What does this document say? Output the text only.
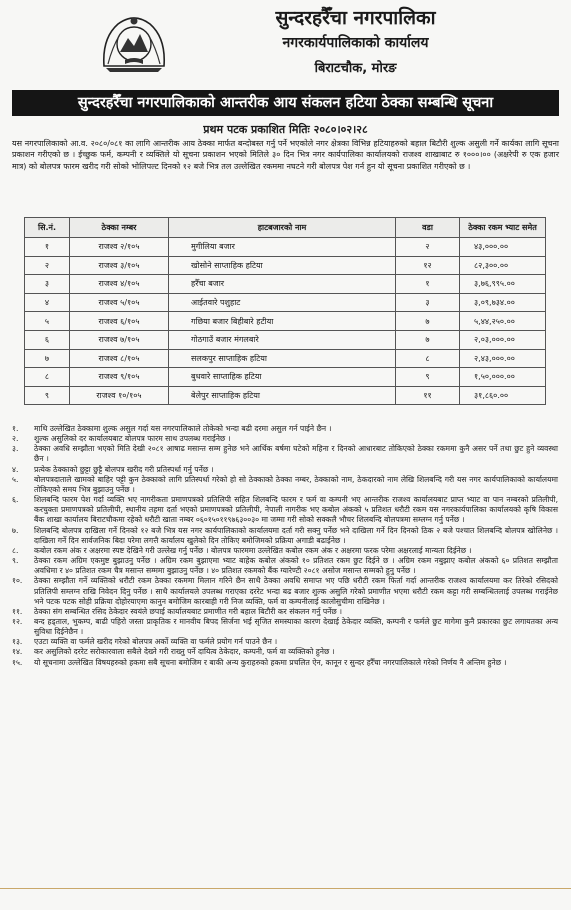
सुन्दरहरैँचा नगरपालिका
नगरकार्यपालिकाको कार्यालय
बिराटचौक, मोरङ
सुन्दरहरैँचा नगरपालिकाको आन्तरीक आय संकलन हटिया ठेक्का सम्बन्धि सूचना
प्रथम पटक प्रकाशित मितिः २०८०।०२।२८
यस नगरपालिकाको आ.व. २०८०/०८१ का लागि आन्तरीक आय ठेक्का मार्फत बन्दोबस्त गर्नु पर्ने भएकोले नगर क्षेत्रका विभिन्न हटियाहरुको बहाल बिटौरी शुल्क असुली गर्ने कार्यका लागि सूचना प्रकाशन गरीएको छ । ईच्छुक फर्म, कम्पनी र व्यक्तिले यो सूचना प्रकाशन भएको मितिले ३० दिन भित्र नगर कार्यपालिका कार्यालयको राजश्व शाखाबाट रु १०००।०० (अक्षरेपी रु एक हजार मात्र) को बोलपत्र फारम खरीद गरी सोको भोलिपल्ट दिनको १२ बजे भित्र तल उल्लेखित रकममा नघटने गरी बोलपत्र पेश गर्न हुन यो सूचना प्रकाशित गरीएको छ ।
सि.नं.	ठेक्का नम्बर	हाटबजारको नाम	वडा	ठेक्का रकम भ्याट समेत
१	राजश्व २/१०५	मुगीलिया बजार	२	४३,०००.००
२	राजश्व ३/१०५	खोसोने साप्ताहिक हटिया	१२	८२,३००.००
३	राजश्व ४/१०५	हरैँचा बजार	१	३,७६,९९५.००
४	राजश्व ५/१०५	आईतवारे पशुहाट	३	३,०९,७३४.००
५	राजश्व ६/१०५	गछिया बजार बिहीबारे हटीया	७	५,४४,२५०.००
६	राजश्व ७/१०५	गोठगाउँ बजार मंगलबारे	७	२,०३,०००.००
७	राजश्व ८/१०५	सलकपुर साप्ताहिक हटिया	८	२,४३,०००.००
८	राजश्व ९/१०५	बुधवारे साप्ताहिक हटिया	९	१,५०,०००.००
९	राजश्व १०/१०५	बेलेपुर साप्ताहिक हटिया	११	३१,८६०.००
१.	माथि उल्लेखित ठेक्कामा शुल्क असुल गर्दा यस नगरपालिकाले तोकेको भन्दा बढी दरमा असुल गर्न पाईने छैन ।
२.	शुल्क असुलिको दर कार्यालयबाट बोलपत्र फारम साथ उपलब्ध गराईनेछ ।
३.	ठेक्का अवधि सम्झौता भएको मिति देखी २०८१ आषाढ मसान्त सम्म हुनेछ भने आर्थिक बर्षमा घटेको महिना र दिनको आधारबाट तोकिएको ठेक्का रकममा कुनै असर पर्ने तथा छुट हुने व्यवस्था छैन ।
४.	प्रत्येक ठेक्काको छुट्टा छुट्टै बोलपत्र खरीद गरी प्रतिस्पर्धा गर्नु पर्नेछ ।
५.	बोलपत्रदाताले खामको बाहिर पट्टी कुन ठेक्काको लागि प्रतिस्पर्धा गरेको हो सो ठेक्काको ठेक्का नम्बर, ठेक्काको नाम, ठेकदारको नाम लेखि शिलबन्दि गरी यस नगर कार्यपालिकाको कार्यालयमा तोकिएको समय भित्र बुझाउनु पर्नेछ ।
६.	शिलबन्दि फारम पेश गर्दा व्यक्ति भए नागरीकता प्रमाणपत्रको प्रतिलिपी सहित शिलबन्दि फारम र फर्म वा कम्पनी भए आन्तरीक राजश्व कार्यालयबाट प्राप्त भ्याट वा पान नम्बरको प्रतिलीपी, करचुक्ता प्रमाणपत्रको प्रतिलीपी, स्थानीय तहमा दर्ता भएको प्रमाणपत्रको प्रतिलीपी, नेपाली नागरीक भए कबोल अंकको ५ प्रतिशत धरौटी रकम यस नगरकार्यपालिका कार्यालयको कृषि विकास बैंक शाखा कार्यालय बिराटचौकमा रहेको धरौटी खाता नम्बर ०६०१५०११९७६३००३० मा जम्मा गरी सोको सक्कलै भौचर शिलबन्दि बोलपत्रमा सम्लग्न गर्नु पर्नेछ ।
७.	शिलबन्दि बोलपत्र दाखिला गर्ने दिनको १२ बजे भित्र यस नगर कार्यपालिकाको कार्यालयमा दर्ता गरी सक्नु पर्नेछ भने दाखिला गर्ने दिन दिनको ठिक २ बजे पश्चात शिलबन्दि बोलपत्र खोलिनेछ । दाखिला गर्ने दिन सार्वजनिक बिदा परेमा लगत्तै कार्यालय खुलेको दिन तोकिए बमोजिमको प्रक्रिया अगाडी बढाईनेछ ।
८.	कबोल रकम अंक र अक्षरमा स्पष्ट देखिने गरी उल्लेख गर्नु पर्नेछ । बोलपत्र फारममा उल्लेखित कबोल रकम अंक र अक्षरमा फरक परेमा अक्षरलाई मान्यता दिईनेछ ।
९.	ठेक्का रकम अग्रिम एकमुष्ट बुझाउनु पर्नेछ । अग्रिम रकम बुझाएमा भ्याट बाहेक कबोल अंकको १० प्रतिशत रकम छुट दिईने छ । अग्रिम रकम नबुझाए कबोल अंकको ६० प्रतिशत सम्झौता अवधिमा र ४० प्रतिशत रकम चैत्र मसान्त सम्ममा बुझाउनु पर्नेछ । ४० प्रतिशत रकमको बैंक ग्यारेण्टी २०८१ असोज मसान्त सम्मको हुनु पर्नेछ ।
१०.	ठेक्का सम्झौता गर्ने व्यक्तिको धरौटी रकम ठेक्का रकममा मिलान गरिने छैन साथै ठेक्का अवधि समाप्त भए पछि धरौटी रकम फिर्ता गर्दा आन्तरीक राजश्व कार्यालयमा कर तिरेको रसिदको प्रतिलिपी सम्लग्न राखि निवेदन दिनु पर्नेछ । साथै कार्यालयले उपलब्ध गराएका दररेट भन्दा बढ बजार शुल्क असुलि गरेको प्रमाणीत भएमा धरौटी रकम कट्टा गरी सम्बन्धितलाई उपलब्ध गराईनेछ भने पटक पटक सोही प्रक्रिया दोहोरयाएमा कानुन बमोजिम कारबाही गरी निज व्यक्ति, फर्म वा कम्पनीलाई कालोसुचीमा राखिनेछ ।
११.	ठेक्का संग सम्बन्धित रसिद ठेकेदार स्वयंले छपाई कार्यालयबाट प्रमाणीत गरी बहाल बिटौरी कर संकलन गर्नु पर्नेछ ।
१२.	बन्द हड्ताल, भुकम्प, बाढी पहिरो जस्ता प्राकृतिक र मानवीय बिपद सिर्जना भई सृजित समस्याका कारण देखाई ठेकेदार व्यक्ति, कम्पनी र फर्मले छुट मागेमा कुनै प्रकारका छुट लगायतका अन्य सुविधा दिईनेछैन ।
१३.	एउटा व्यक्ति वा फर्मले खरीद गरेको बोलपत्र अर्को व्यक्ति वा फर्मले प्रयोग गर्न पाउने छैन ।
१४.	कर असुलिको दररेट सरोकारवाला सबैले देख्ने गरी राख्नु पर्ने दायित्व ठेकेदार, कम्पनी, फर्म वा व्यक्तिको हुनेछ ।
१५.	यो सूचनामा उल्लेखित विषयहरुको हकमा सबै सूचना बमोजिम र बाकी अन्य कुराहरुको हकमा प्रचलित ऐन, कानून र सुन्दर हरैँचा नगरपालिकाले गरेको निर्णय नै अन्तिम हुनेछ ।
